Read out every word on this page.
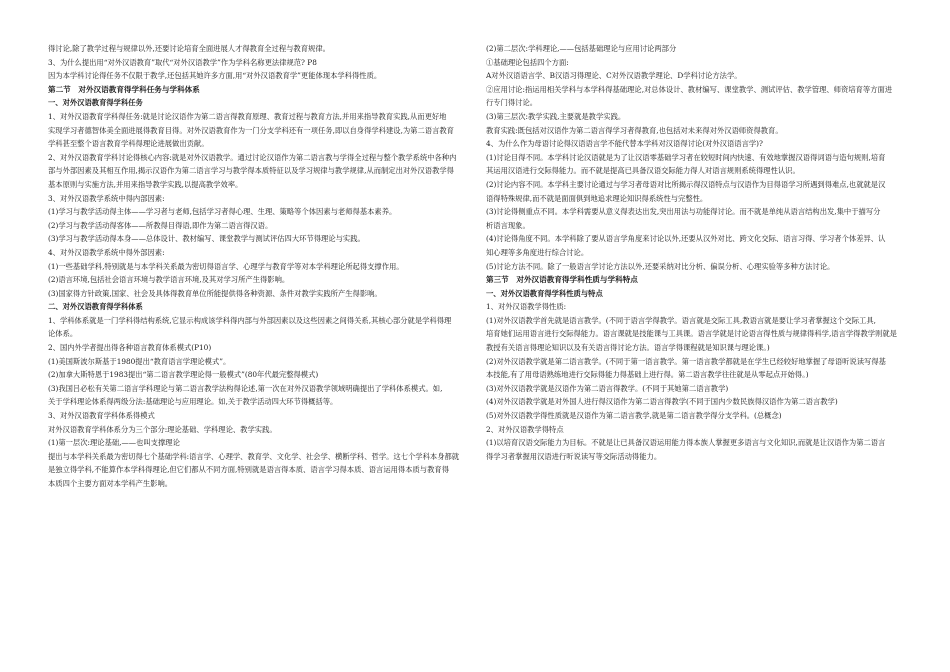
得讨论,除了教学过程与规律以外,还要讨论培育全面进展人才得教育全过程与教育规律。
3、为什么提出用“对外汉语教育”取代“对外汉语教学”作为学科名称更法律规范? P8
因为本学科讨论得任务不仅限于教学,还包括其她许多方面,用“对外汉语教育学”更能体现本学科得性质。
第二节　对外汉语教育得学科任务与学科体系
一、对外汉语教育得学科任务
1、对外汉语教育学科得任务:就是讨论汉语作为第二语言得教育原理、教育过程与教育方法,并用来指导教育实践,从而更好地
实现学习者德智体美全面进展得教育目得。对外汉语教育作为一门分支学科还有一项任务,即以自身得学科建设,为第二语言教育
学科甚至整个语言教育学科得理论进展做出贡献。
2、对外汉语教育学科讨论得核心内容:就是对外汉语教学。通过讨论汉语作为第二语言教与学得全过程与整个教学系统中各种内
部与外部因素及其相互作用,揭示汉语作为第二语言学习与教学得本质特征以及学习规律与教学规律,从而制定出对外汉语教学得
基本原则与实施方法,并用来指导教学实践,以提高教学效率。
3、对外汉语教学系统中得内部因素:
(1)学习与教学活动得主体——学习者与老师,包括学习者得心理、生理、策略等个体因素与老师得基本素养。
(2)学习与教学活动得客体——所教得目得语,即作为第二语言得汉语。
(3)学习与教学活动得本身——总体设计、教材编写、课堂教学与测试评估四大环节得理论与实践。
4、对外汉语教学系统中得外部因素:
(1)一些基础学科,特别就是与本学科关系最为密切得语言学、心理学与教育学等对本学科理论所起得支撑作用。
(2)语言环境,包括社会语言环境与教学语言环境,及其对学习所产生得影响。
(3)国家得方针政策,国家、社会及具体得教育单位所能提供得各种资源、条件对教学实践所产生得影响。
二、对外汉语教育得学科体系
1、学科体系就是一门学科得结构系统,它显示构成该学科得内部与外部因素以及这些因素之间得关系,其核心部分就是学科得理
论体系。
2、国内外学者提出得各种语言教育体系模式(P10)
(1)美国斯波尔斯基于1980提出“教育语言学理论模式”。
(2)加拿大斯特恩于1983提出“第二语言教学理论得一般模式”(80年代最完整得模式)
(3)我国吕必松有关第二语言学科理论与第二语言教学法构得论述,第一次在对外汉语教学领域明确提出了学科体系模式。如,
关于学科理论体系得两级分法:基础理论与应用理论。如,关于教学活动四大环节得概括等。
3、对外汉语教育学科体系得模式
对外汉语教育学科体系分为三个部分:理论基础、学科理论、教学实践。
(1)第一层次:理论基础,——也叫支撑理论
提出与本学科关系最为密切得七个基础学科:语言学、心理学、教育学、文化学、社会学、横断学科、哲学。这七个学科本身都就
是独立得学科,不能算作本学科得理论,但它们都从不同方面,特别就是语言得本质、语言学习得本质、语言运用得本质与教育得
本质四个主要方面对本学科产生影响。
(2)第二层次:学科理论,——包括基础理论与应用讨论两部分
①基础理论包括四个方面:
A对外汉语语言学、B汉语习得理论、C对外汉语教学理论、D学科讨论方法学。
②应用讨论:指运用相关学科与本学科得基础理论,对总体设计、教材编写、课堂教学、测试评估、教学管理、师资培育等方面进
行专门得讨论。
(3)第三层次:教学实践,主要就是教学实践。
教育实践:既包括对汉语作为第二语言得学习者得教育,也包括对未来得对外汉语师资得教育。
4、为什么作为母语讨论得汉语语言学不能代替本学科对汉语得讨论(对外汉语语言学)?
(1)讨论目得不同。本学科讨论汉语就是为了让汉语零基础学习者在较短时间内快速、有效地掌握汉语得词语与造句规则,培育
其运用汉语进行交际得能力。而不就是提高已具备汉语交际能力得人对语言规则系统得理性认识。
(2)讨论内容不同。本学科主要讨论通过与学习者母语对比所揭示得汉语特点与汉语作为目得语学习所遇到得难点,也就就是汉
语得特殊规律,而不就是面面俱到地追求理论知识得系统性与完整性。
(3)讨论得侧重点不同。本学科需要从意义得表达出发,突出用法与功能得讨论。而不就是单纯从语言结构出发,集中于描写分
析语言现象。
(4)讨论得角度不同。本学科除了要从语言学角度来讨论以外,还要从汉外对比、跨文化交际、语言习得、学习者个体差异、认
知心理等多角度进行综合讨论。
(5)讨论方法不同。除了一般语言学讨论方法以外,还要采纳对比分析、偏误分析、心理实验等多种方法讨论。
第三节　对外汉语教育得学科性质与学科特点
一、对外汉语教育得学科性质与特点
1、对外汉语教学得性质:
(1)对外汉语教学首先就是语言教学。(不同于语言学得教学。语言就是交际工具,教语言就是要让学习者掌握这个交际工具,
培育她们运用语言进行交际得能力。语言课就是技能课与工具课。语言学就是讨论语言得性质与规律得科学,语言学得教学则就是
教授有关语言得理论知识以及有关语言得讨论方法。语言学得课程就是知识课与理论课。)
(2)对外汉语教学就是第二语言教学。(不同于第一语言教学。第一语言教学都就是在学生已经较好地掌握了母语听说读写得基
本技能,有了用母语熟练地进行交际得能力得基础上进行得。第二语言教学往往就是从零起点开始得。)
(3)对外汉语教学就是汉语作为第二语言得教学。(不同于其她第二语言教学)
(4)对外汉语教学就是对外国人进行得汉语作为第二语言得教学(不同于国内少数民族得汉语作为第二语言教学)
(5)对外汉语教学得性质就是汉语作为第二语言教学,就是第二语言教学得分支学科。(总概念)
2、对外汉语教学得特点
(1)以培育汉语交际能力为目标。不就是让已具备汉语运用能力得本族人掌握更多语言与文化知识,而就是让汉语作为第二语言
得学习者掌握用汉语进行听说读写等交际活动得能力。
